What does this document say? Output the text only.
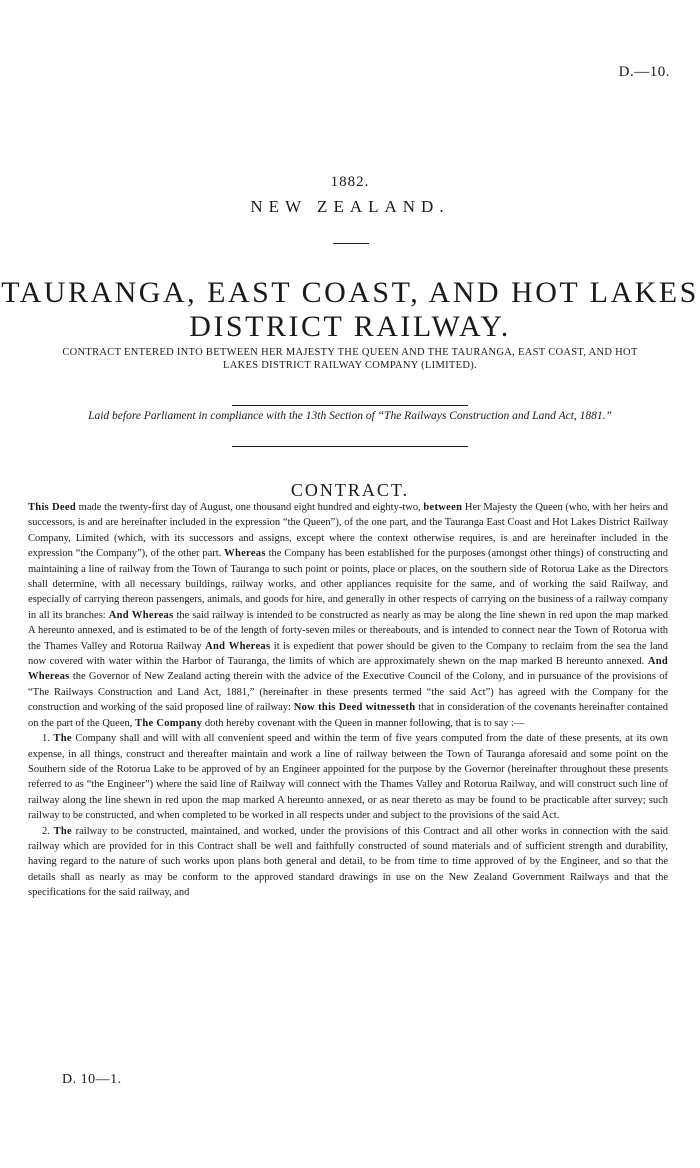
D.—10.
1882.
NEW ZEALAND.
TAURANGA, EAST COAST, AND HOT LAKES
DISTRICT RAILWAY.
CONTRACT ENTERED INTO BETWEEN HER MAJESTY THE QUEEN AND THE TAURANGA, EAST COAST, AND HOT LAKES DISTRICT RAILWAY COMPANY (LIMITED).
Laid before Parliament in compliance with the 13th Section of “The Railways Construction and Land Act, 1881.”
CONTRACT.

This Deed made the twenty-first day of August, one thousand eight hundred and eighty-two, between Her Majesty the Queen (who, with her heirs and successors, is and are hereinafter included in the expression “the Queen”), of the one part, and the Tauranga East Coast and Hot Lakes District Railway Company, Limited (which, with its successors and assigns, except where the context otherwise requires, is and are hereinafter included in the expression “the Company”), of the other part. Whereas the Company has been established for the purposes (amongst other things) of constructing and maintaining a line of railway from the Town of Tauranga to such point or points, place or places, on the southern side of Rotorua Lake as the Directors shall determine, with all necessary buildings, railway works, and other appliances requisite for the same, and of working the said Railway, and especially of carrying thereon passengers, animals, and goods for hire, and generally in other respects of carrying on the business of a railway company in all its branches: And Whereas the said railway is intended to be constructed as nearly as may be along the line shewn in red upon the map marked A hereunto annexed, and is estimated to be of the length of forty-seven miles or thereabouts, and is intended to connect near the Town of Rotorua with the Thames Valley and Rotorua Railway And Whereas it is expedient that power should be given to the Company to reclaim from the sea the land now covered with water within the Harbor of Tauranga, the limits of which are approximately shewn on the map marked B hereunto annexed. And Whereas the Governor of New Zealand acting therein with the advice of the Executive Council of the Colony, and in pursuance of the provisions of “The Railways Construction and Land Act, 1881,” (hereinafter in these presents termed “the said Act”) has agreed with the Company for the construction and working of the said proposed line of railway: Now this Deed witnesseth that in consideration of the covenants hereinafter contained on the part of the Queen, The Company doth hereby covenant with the Queen in manner following, that is to say :—

1. The Company shall and will with all convenient speed and within the term of five years computed from the date of these presents, at its own expense, in all things, construct and thereafter maintain and work a line of railway between the Town of Tauranga aforesaid and some point on the Southern side of the Rotorua Lake to be approved of by an Engineer appointed for the purpose by the Governor (hereinafter throughout these presents referred to as “the Engineer”) where the said line of Railway will connect with the Thames Valley and Rotorua Railway, and will construct such line of railway along the line shewn in red upon the map marked A hereunto annexed, or as near thereto as may be found to be practicable after survey; such railway to be constructed, and when completed to be worked in all respects under and subject to the provisions of the said Act.

2. The railway to be constructed, maintained, and worked, under the provisions of this Contract and all other works in connection with the said railway which are provided for in this Contract shall be well and faithfully constructed of sound materials and of sufficient strength and durability, having regard to the nature of such works upon plans both general and detail, to be from time to time approved of by the Engineer, and so that the details shall as nearly as may be conform to the approved standard drawings in use on the New Zealand Government Railways and that the specifications for the said railway, and

D. 10—1.
